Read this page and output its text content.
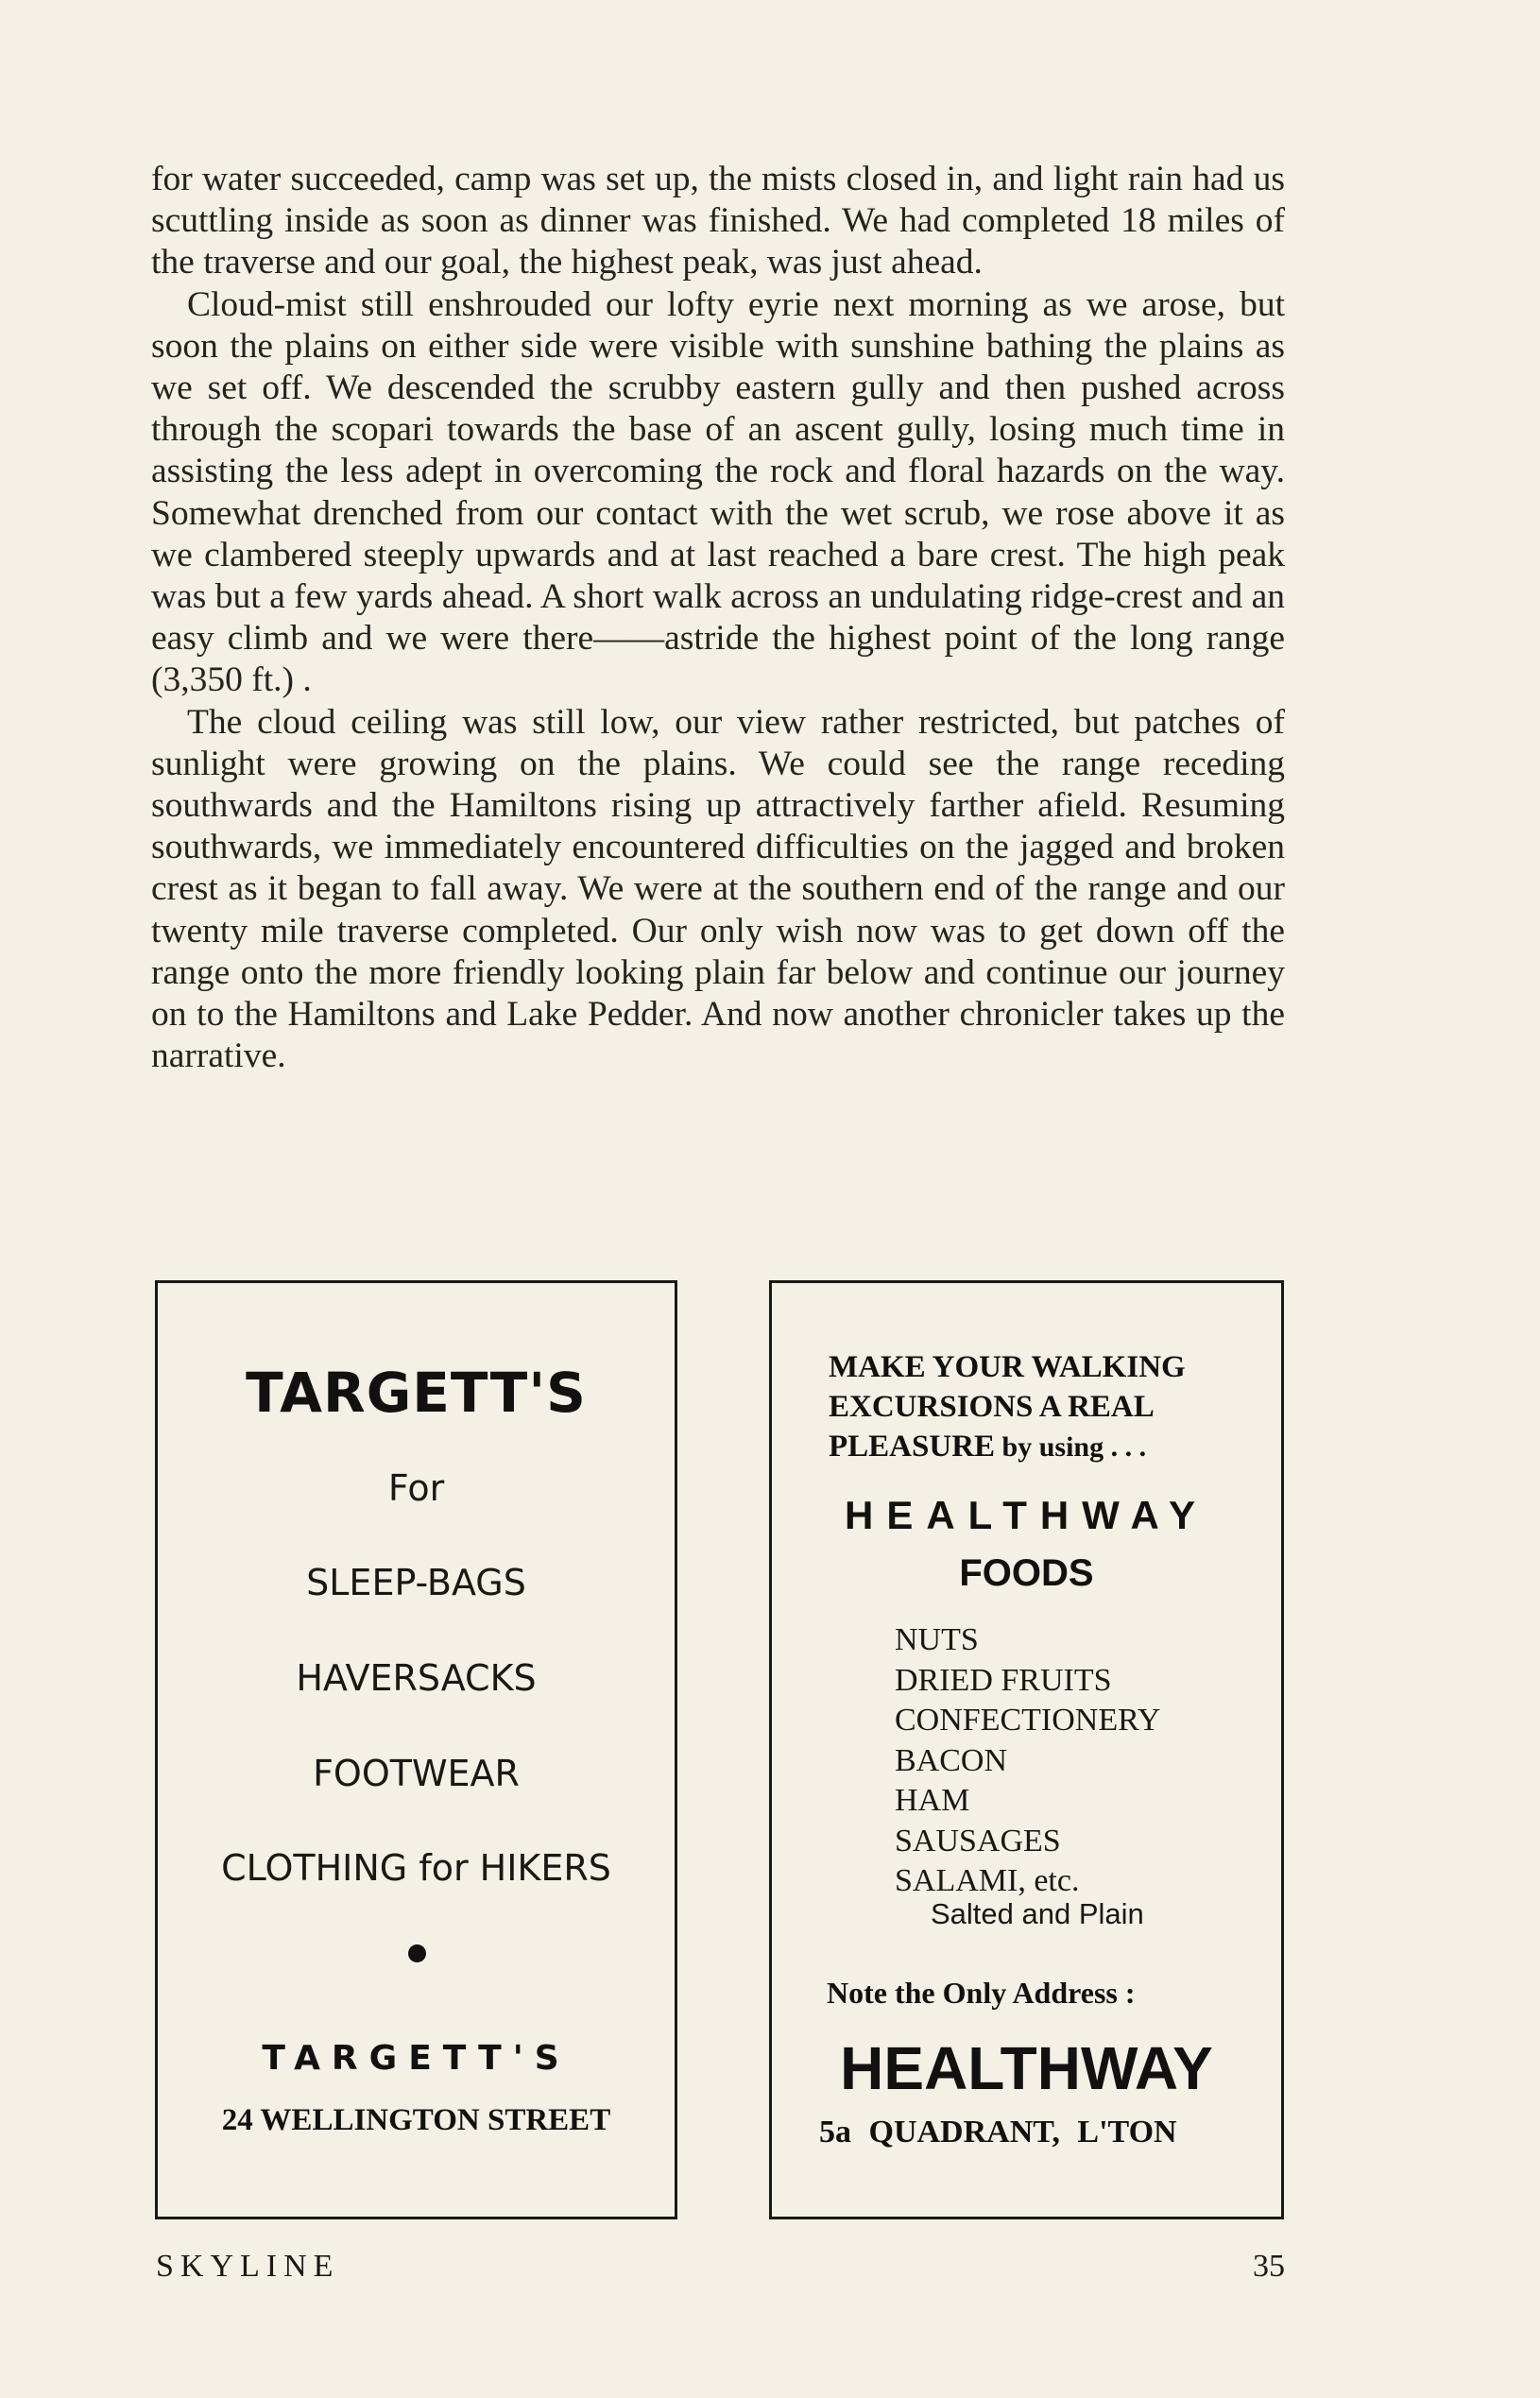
for water succeeded, camp was set up, the mists closed in, and light rain had us scuttling inside as soon as dinner was finished. We had completed 18 miles of the traverse and our goal, the highest peak, was just ahead.

Cloud-mist still enshrouded our lofty eyrie next morning as we arose, but soon the plains on either side were visible with sunshine bathing the plains as we set off. We descended the scrubby eastern gully and then pushed across through the scopari towards the base of an ascent gully, losing much time in assisting the less adept in overcoming the rock and floral hazards on the way. Somewhat drenched from our contact with the wet scrub, we rose above it as we clambered steeply upwards and at last reached a bare crest. The high peak was but a few yards ahead. A short walk across an undulating ridge-crest and an easy climb and we were there——astride the highest point of the long range (3,350 ft.) .

The cloud ceiling was still low, our view rather restricted, but patches of sunlight were growing on the plains. We could see the range receding southwards and the Hamiltons rising up attractively farther afield. Resuming southwards, we immediately encountered difficulties on the jagged and broken crest as it began to fall away. We were at the southern end of the range and our twenty mile traverse completed. Our only wish now was to get down off the range onto the more friendly looking plain far below and continue our journey on to the Hamiltons and Lake Pedder. And now another chronicler takes up the narrative.

TARGETT'S
For
SLEEP-BAGS
HAVERSACKS
FOOTWEAR
CLOTHING for HIKERS
TARGETT'S
24 WELLINGTON STREET
MAKE YOUR WALKING
EXCURSIONS A REAL
PLEASURE by using . . .
HEALTHWAY
FOODS
NUTS
DRIED FRUITS
CONFECTIONERY
BACON
HAM
SAUSAGES
SALAMI, etc.
Salted and Plain
Note the Only Address :
HEALTHWAY
5a QUADRANT, L'TON
SKYLINE	35
